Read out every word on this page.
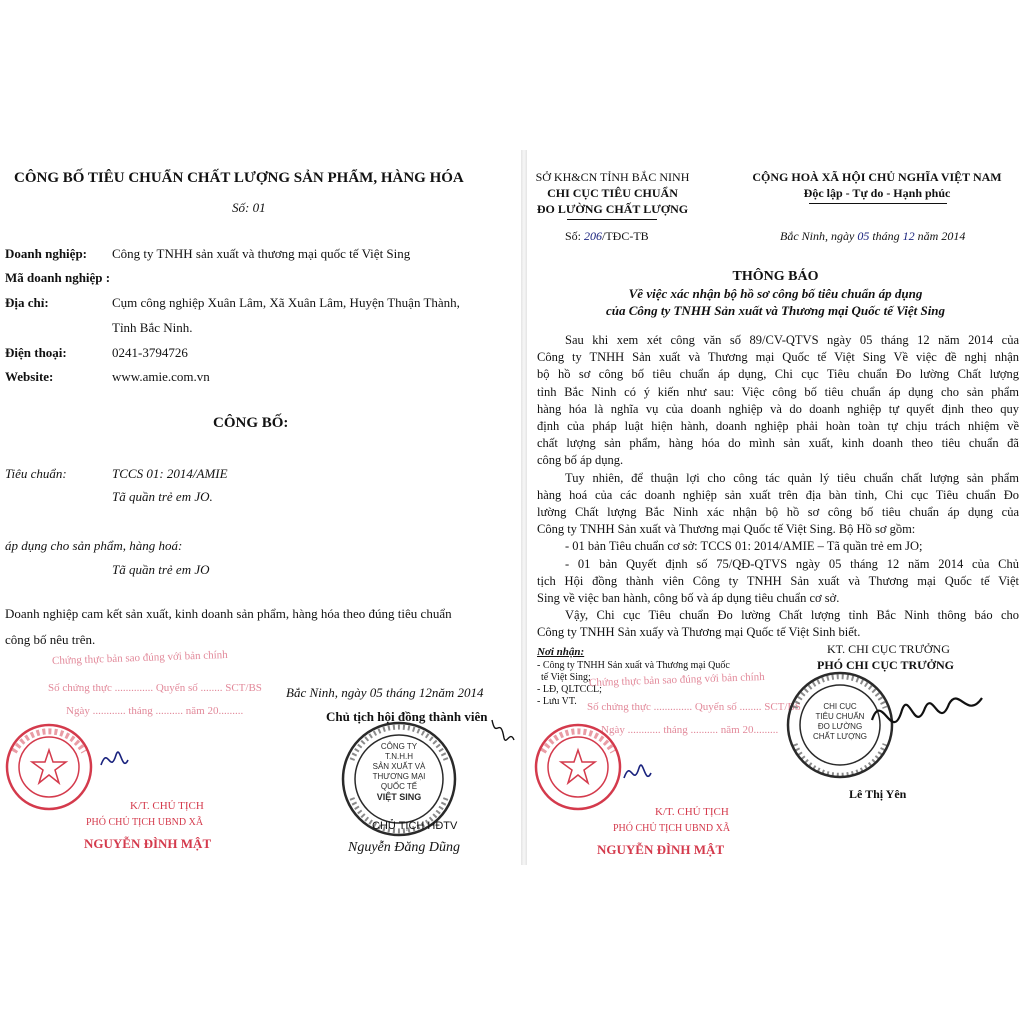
CÔNG BỐ TIÊU CHUẨN CHẤT LƯỢNG SẢN PHẨM, HÀNG HÓA
Số: 01
Doanh nghiệp: Công ty TNHH sản xuất và thương mại quốc tế Việt Sing
Mã doanh nghiệp :
Địa chỉ:	Cụm công nghiệp Xuân Lâm, Xã Xuân Lâm, Huyện Thuận Thành,
Tỉnh Bắc Ninh.
Điện thoại:	0241-3794726
Website:	www.amie.com.vn
CÔNG BỐ:
Tiêu chuẩn:	TCCS 01: 2014/AMIE
Tã quần trẻ em JO.
áp dụng cho sản phẩm, hàng hoá:
Tã quần trẻ em JO
Doanh nghiệp cam kết sản xuất, kinh doanh sản phẩm, hàng hóa theo đúng tiêu chuẩn
công bố nêu trên.
Chứng thực bản sao đúng với bản chính
Số chứng thực .............. Quyển số ........ SCT/BS
Ngày ............ tháng .......... năm 20.........
Bắc Ninh, ngày 05 tháng 12năm 2014
Chủ tịch hội đồng thành viên
K/T. CHỦ TỊCH
PHÓ CHỦ TỊCH UBND XÃ
NGUYỄN ĐÌNH MẬT
CÔNG TY
T.N.H.H
SẢN XUẤT VÀ
THƯƠNG MẠI
QUỐC TẾ
VIỆT SING
CHỦ TỊCH HĐTV
Nguyễn Đăng Dũng
SỞ KH&CN TỈNH BẮC NINH
CHI CỤC TIÊU CHUẨN
ĐO LƯỜNG CHẤT LƯỢNG
CỘNG HOÀ XÃ HỘI CHỦ NGHĨA VIỆT NAM
Độc lập - Tự do - Hạnh phúc
Số: 206/TĐC-TB	Bắc Ninh, ngày 05 tháng 12 năm 2014
THÔNG BÁO
Về việc xác nhận bộ hồ sơ công bố tiêu chuẩn áp dụng
của Công ty TNHH Sản xuất và Thương mại Quốc tế Việt Sing
Sau khi xem xét công văn số 89/CV-QTVS ngày 05 tháng 12 năm 2014 của
Công ty TNHH Sản xuất và Thương mại Quốc tế Việt Sing Về việc đề nghị nhận
bộ hồ sơ công bố tiêu chuẩn áp dụng, Chi cục Tiêu chuẩn Đo lường Chất lượng
tỉnh Bắc Ninh có ý kiến như sau: Việc công bố tiêu chuẩn áp dụng cho sản phẩm
hàng hóa là nghĩa vụ của doanh nghiệp và do doanh nghiệp tự quyết định theo quy
định của pháp luật hiện hành, doanh nghiệp phải hoàn toàn tự chịu trách nhiệm về
chất lượng sản phẩm, hàng hóa do mình sản xuất, kinh doanh theo tiêu chuẩn đã
công bố áp dụng.
Tuy nhiên, để thuận lợi cho công tác quản lý tiêu chuẩn chất lượng sản phẩm
hàng hoá của các doanh nghiệp sản xuất trên địa bàn tỉnh, Chi cục Tiêu chuẩn Đo
lường Chất lượng Bắc Ninh xác nhận bộ hồ sơ công bố tiêu chuẩn áp dụng của
Công ty TNHH Sản xuất và Thương mại Quốc tế Việt Sing. Bộ Hồ sơ gồm:
- 01 bản Tiêu chuẩn cơ sở: TCCS 01: 2014/AMIE – Tã quần trẻ em JO;
- 01 bản Quyết định số 75/QĐ-QTVS ngày 05 tháng 12 năm 2014 của Chủ
tịch Hội đồng thành viên Công ty TNHH Sản xuất và Thương mại Quốc tế Việt
Sing về việc ban hành, công bố và áp dụng tiêu chuẩn cơ sở.
Vậy, Chi cục Tiêu chuẩn Đo lường Chất lượng tỉnh Bắc Ninh thông báo cho
Công ty TNHH Sản xuấy và Thương mại Quốc tế Việt Sinh biết.
Nơi nhận:
- Công ty TNHH Sản xuất và Thương mại Quốc
tế Việt Sing;
- LĐ, QLTCCL;
- Lưu VT.
KT. CHI CỤC TRƯỞNG
PHÓ CHI CỤC TRƯỞNG
Chứng thực bản sao đúng với bản chính
Số chứng thực .............. Quyển số ........ SCT/BS
Ngày ............ tháng .......... năm 20.........
CHI CỤC
TIÊU CHUẨN
ĐO LƯỜNG
CHẤT LƯỢNG
Lê Thị Yên
K/T. CHỦ TỊCH
PHÓ CHỦ TỊCH UBND XÃ
NGUYỄN ĐÌNH MẬT
